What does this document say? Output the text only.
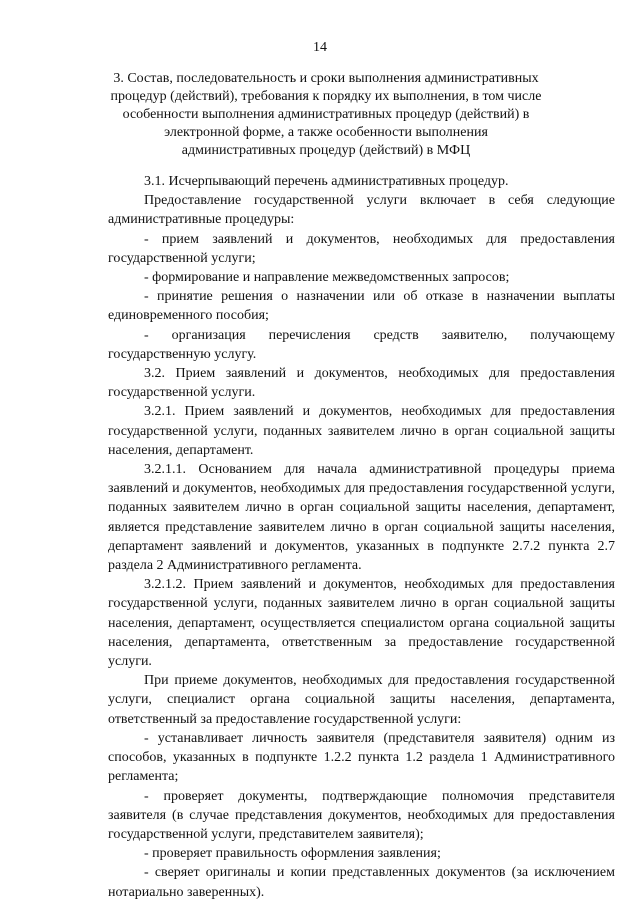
14
3. Состав, последовательность и сроки выполнения административных процедур (действий), требования к порядку их выполнения, в том числе особенности выполнения административных процедур (действий) в электронной форме, а также особенности выполнения административных процедур (действий) в МФЦ

3.1. Исчерпывающий перечень административных процедур.

Предоставление государственной услуги включает в себя следующие административные процедуры:

- прием заявлений и документов, необходимых для предоставления государственной услуги;

- формирование и направление межведомственных запросов;

- принятие решения о назначении или об отказе в назначении выплаты единовременного пособия;

- организация перечисления средств заявителю, получающему государственную услугу.

3.2. Прием заявлений и документов, необходимых для предоставления государственной услуги.

3.2.1. Прием заявлений и документов, необходимых для предоставления государственной услуги, поданных заявителем лично в орган социальной защиты населения, департамент.

3.2.1.1. Основанием для начала административной процедуры приема заявлений и документов, необходимых для предоставления государственной услуги, поданных заявителем лично в орган социальной защиты населения, департамент, является представление заявителем лично в орган социальной защиты населения, департамент заявлений и документов, указанных в подпункте 2.7.2 пункта 2.7 раздела 2 Административного регламента.

3.2.1.2. Прием заявлений и документов, необходимых для предоставления государственной услуги, поданных заявителем лично в орган социальной защиты населения, департамент, осуществляется специалистом органа социальной защиты населения, департамента, ответственным за предоставление государственной услуги.

При приеме документов, необходимых для предоставления государственной услуги, специалист органа социальной защиты населения, департамента, ответственный за предоставление государственной услуги:

- устанавливает личность заявителя (представителя заявителя) одним из способов, указанных в подпункте 1.2.2 пункта 1.2 раздела 1 Административного регламента;

- проверяет документы, подтверждающие полномочия представителя заявителя (в случае представления документов, необходимых для предоставления государственной услуги, представителем заявителя);

- проверяет правильность оформления заявления;

- сверяет оригиналы и копии представленных документов (за исключением нотариально заверенных).
